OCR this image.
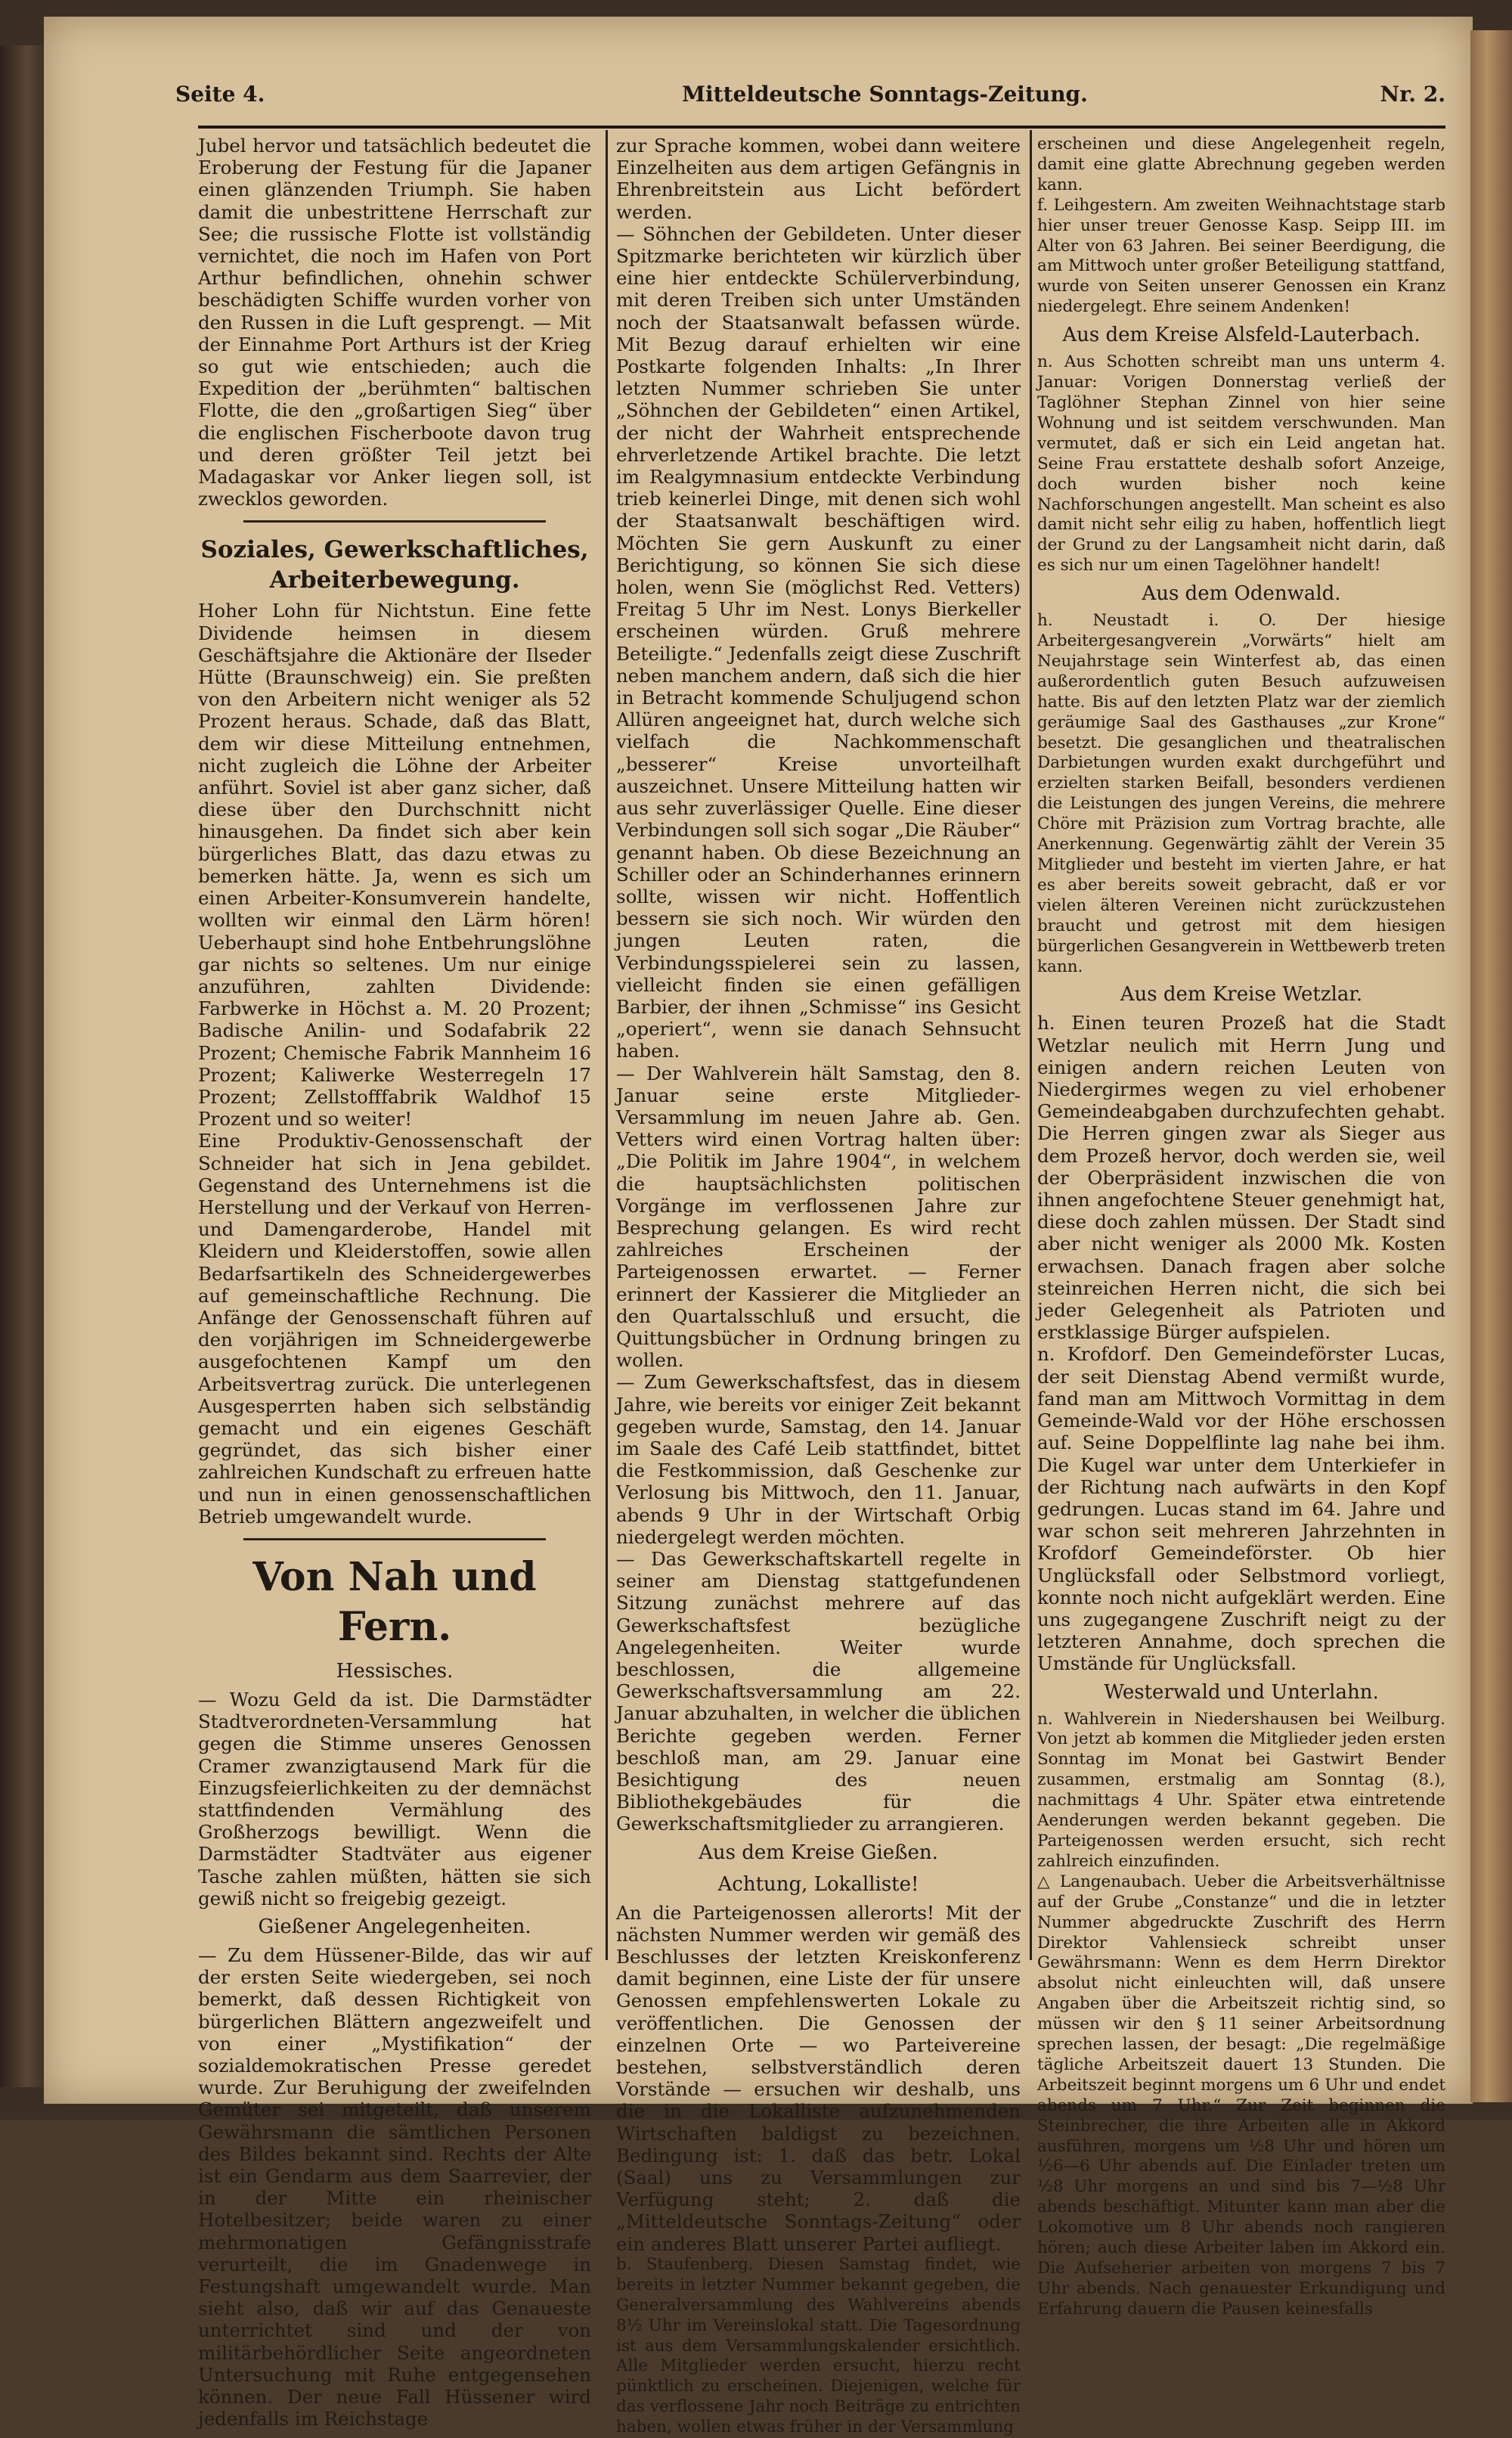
Seite 4.	Mitteldeutsche Sonntags-Zeitung.	Nr. 2.

Jubel hervor und tatsächlich bedeutet die Eroberung der Festung für die Japaner einen glänzenden Triumph. Sie haben damit die unbestrittene Herrschaft zur See; die russische Flotte ist vollständig vernichtet, die noch im Hafen von Port Arthur befindlichen, ohnehin schwer beschädigten Schiffe wurden vorher von den Russen in die Luft gesprengt. — Mit der Einnahme Port Arthurs ist der Krieg so gut wie entschieden; auch die Expedition der „berühmten“ baltischen Flotte, die den „großartigen Sieg“ über die englischen Fischerboote davon trug und deren größter Teil jetzt bei Madagaskar vor Anker liegen soll, ist zwecklos geworden.

Soziales, Gewerkschaftliches, Arbeiterbewegung.

Hoher Lohn für Nichtstun. Eine fette Dividende heimsen in diesem Geschäftsjahre die Aktionäre der Ilseder Hütte (Braunschweig) ein. Sie preßten von den Arbeitern nicht weniger als 52 Prozent heraus. Schade, daß das Blatt, dem wir diese Mitteilung entnehmen, nicht zugleich die Löhne der Arbeiter anführt. Soviel ist aber ganz sicher, daß diese über den Durchschnitt nicht hinausgehen. Da findet sich aber kein bürgerliches Blatt, das dazu etwas zu bemerken hätte. Ja, wenn es sich um einen Arbeiter-Konsumverein handelte, wollten wir einmal den Lärm hören! Ueberhaupt sind hohe Entbehrungslöhne gar nichts so seltenes. Um nur einige anzuführen, zahlten Dividende: Farbwerke in Höchst a. M. 20 Prozent; Badische Anilin- und Sodafabrik 22 Prozent; Chemische Fabrik Mannheim 16 Prozent; Kaliwerke Westerregeln 17 Prozent; Zellstofffabrik Waldhof 15 Prozent und so weiter!

Eine Produktiv-Genossenschaft der Schneider hat sich in Jena gebildet. Gegenstand des Unternehmens ist die Herstellung und der Verkauf von Herren- und Damengarderobe, Handel mit Kleidern und Kleiderstoffen, sowie allen Bedarfsartikeln des Schneidergewerbes auf gemeinschaftliche Rechnung. Die Anfänge der Genossenschaft führen auf den vorjährigen im Schneidergewerbe ausgefochtenen Kampf um den Arbeitsvertrag zurück. Die unterlegenen Ausgesperrten haben sich selbständig gemacht und ein eigenes Geschäft gegründet, das sich bisher einer zahlreichen Kundschaft zu erfreuen hatte und nun in einen genossenschaftlichen Betrieb umgewandelt wurde.

Von Nah und Fern.

Hessisches.

— Wozu Geld da ist. Die Darmstädter Stadtverordneten-Versammlung hat gegen die Stimme unseres Genossen Cramer zwanzigtausend Mark für die Einzugsfeierlichkeiten zu der demnächst stattfindenden Vermählung des Großherzogs bewilligt. Wenn die Darmstädter Stadtväter aus eigener Tasche zahlen müßten, hätten sie sich gewiß nicht so freigebig gezeigt.

Gießener Angelegenheiten.

— Zu dem Hüssener-Bilde, das wir auf der ersten Seite wiedergeben, sei noch bemerkt, daß dessen Richtigkeit von bürgerlichen Blättern angezweifelt und von einer „Mystifikation“ der sozialdemokratischen Presse geredet wurde. Zur Beruhigung der zweifelnden Gemüter sei mitgeteilt, daß unserem Gewährsmann die sämtlichen Personen des Bildes bekannt sind. Rechts der Alte ist ein Gendarm aus dem Saarrevier, der in der Mitte ein rheinischer Hotelbesitzer; beide waren zu einer mehrmonatigen Gefängnisstrafe verurteilt, die im Gnadenwege in Festungshaft umgewandelt wurde. Man sieht also, daß wir auf das Genaueste unterrichtet sind und der von militärbehördlicher Seite angeordneten Untersuchung mit Ruhe entgegensehen können. Der neue Fall Hüssener wird jedenfalls im Reichstage

zur Sprache kommen, wobei dann weitere Einzelheiten aus dem artigen Gefängnis in Ehrenbreitstein aus Licht befördert werden.

— Söhnchen der Gebildeten. Unter dieser Spitzmarke berichteten wir kürzlich über eine hier entdeckte Schülerverbindung, mit deren Treiben sich unter Umständen noch der Staatsanwalt befassen würde. Mit Bezug darauf erhielten wir eine Postkarte folgenden Inhalts: „In Ihrer letzten Nummer schrieben Sie unter „Söhnchen der Gebildeten“ einen Artikel, der nicht der Wahrheit entsprechende ehrverletzende Artikel brachte. Die letzt im Realgymnasium entdeckte Verbindung trieb keinerlei Dinge, mit denen sich wohl der Staatsanwalt beschäftigen wird. Möchten Sie gern Auskunft zu einer Berichtigung, so können Sie sich diese holen, wenn Sie (möglichst Red. Vetters) Freitag 5 Uhr im Nest. Lonys Bierkeller erscheinen würden. Gruß mehrere Beteiligte.“ Jedenfalls zeigt diese Zuschrift neben manchem andern, daß sich die hier in Betracht kommende Schuljugend schon Allüren angeeignet hat, durch welche sich vielfach die Nachkommenschaft „besserer“ Kreise unvorteilhaft auszeichnet. Unsere Mitteilung hatten wir aus sehr zuverlässiger Quelle. Eine dieser Verbindungen soll sich sogar „Die Räuber“ genannt haben. Ob diese Bezeichnung an Schiller oder an Schinderhannes erinnern sollte, wissen wir nicht. Hoffentlich bessern sie sich noch. Wir würden den jungen Leuten raten, die Verbindungsspielerei sein zu lassen, vielleicht finden sie einen gefälligen Barbier, der ihnen „Schmisse“ ins Gesicht „operiert“, wenn sie danach Sehnsucht haben.

— Der Wahlverein hält Samstag, den 8. Januar seine erste Mitglieder-Versammlung im neuen Jahre ab. Gen. Vetters wird einen Vortrag halten über: „Die Politik im Jahre 1904“, in welchem die hauptsächlichsten politischen Vorgänge im verflossenen Jahre zur Besprechung gelangen. Es wird recht zahlreiches Erscheinen der Parteigenossen erwartet. — Ferner erinnert der Kassierer die Mitglieder an den Quartalsschluß und ersucht, die Quittungsbücher in Ordnung bringen zu wollen.

— Zum Gewerkschaftsfest, das in diesem Jahre, wie bereits vor einiger Zeit bekannt gegeben wurde, Samstag, den 14. Januar im Saale des Café Leib stattfindet, bittet die Festkommission, daß Geschenke zur Verlosung bis Mittwoch, den 11. Januar, abends 9 Uhr in der Wirtschaft Orbig niedergelegt werden möchten.

— Das Gewerkschaftskartell regelte in seiner am Dienstag stattgefundenen Sitzung zunächst mehrere auf das Gewerkschaftsfest bezügliche Angelegenheiten. Weiter wurde beschlossen, die allgemeine Gewerkschaftsversammlung am 22. Januar abzuhalten, in welcher die üblichen Berichte gegeben werden. Ferner beschloß man, am 29. Januar eine Besichtigung des neuen Bibliothekgebäudes für die Gewerkschaftsmitglieder zu arrangieren.

Aus dem Kreise Gießen.

Achtung, Lokalliste!

An die Parteigenossen allerorts! Mit der nächsten Nummer werden wir gemäß des Beschlusses der letzten Kreiskonferenz damit beginnen, eine Liste der für unsere Genossen empfehlenswerten Lokale zu veröffentlichen. Die Genossen der einzelnen Orte — wo Parteivereine bestehen, selbstverständlich deren Vorstände — ersuchen wir deshalb, uns die in die Lokalliste aufzunehmenden Wirtschaften baldigst zu bezeichnen. Bedingung ist: 1. daß das betr. Lokal (Saal) uns zu Versammlungen zur Verfügung steht; 2. daß die „Mitteldeutsche Sonntags-Zeitung“ oder ein anderes Blatt unserer Partei aufliegt.

b. Staufenberg. Diesen Samstag findet, wie bereits in letzter Nummer bekannt gegeben, die Generalversammlung des Wahlvereins abends 8½ Uhr im Vereinslokal statt. Die Tagesordnung ist aus dem Versammlungskalender ersichtlich. Alle Mitglieder werden ersucht, hierzu recht pünktlich zu erscheinen. Diejenigen, welche für das verflossene Jahr noch Beiträge zu entrichten haben, wollen etwas früher in der Versammlung

erscheinen und diese Angelegenheit regeln, damit eine glatte Abrechnung gegeben werden kann.

f. Leihgestern. Am zweiten Weihnachtstage starb hier unser treuer Genosse Kasp. Seipp III. im Alter von 63 Jahren. Bei seiner Beerdigung, die am Mittwoch unter großer Beteiligung stattfand, wurde von Seiten unserer Genossen ein Kranz niedergelegt. Ehre seinem Andenken!

Aus dem Kreise Alsfeld-Lauterbach.

n. Aus Schotten schreibt man uns unterm 4. Januar: Vorigen Donnerstag verließ der Taglöhner Stephan Zinnel von hier seine Wohnung und ist seitdem verschwunden. Man vermutet, daß er sich ein Leid angetan hat. Seine Frau erstattete deshalb sofort Anzeige, doch wurden bisher noch keine Nachforschungen angestellt. Man scheint es also damit nicht sehr eilig zu haben, hoffentlich liegt der Grund zu der Langsamheit nicht darin, daß es sich nur um einen Tagelöhner handelt!

Aus dem Odenwald.

h. Neustadt i. O. Der hiesige Arbeitergesangverein „Vorwärts“ hielt am Neujahrstage sein Winterfest ab, das einen außerordentlich guten Besuch aufzuweisen hatte. Bis auf den letzten Platz war der ziemlich geräumige Saal des Gasthauses „zur Krone“ besetzt. Die gesanglichen und theatralischen Darbietungen wurden exakt durchgeführt und erzielten starken Beifall, besonders verdienen die Leistungen des jungen Vereins, die mehrere Chöre mit Präzision zum Vortrag brachte, alle Anerkennung. Gegenwärtig zählt der Verein 35 Mitglieder und besteht im vierten Jahre, er hat es aber bereits soweit gebracht, daß er vor vielen älteren Vereinen nicht zurückzustehen braucht und getrost mit dem hiesigen bürgerlichen Gesangverein in Wettbewerb treten kann.

Aus dem Kreise Wetzlar.

h. Einen teuren Prozeß hat die Stadt Wetzlar neulich mit Herrn Jung und einigen andern reichen Leuten von Niedergirmes wegen zu viel erhobener Gemeindeabgaben durchzufechten gehabt. Die Herren gingen zwar als Sieger aus dem Prozeß hervor, doch werden sie, weil der Oberpräsident inzwischen die von ihnen angefochtene Steuer genehmigt hat, diese doch zahlen müssen. Der Stadt sind aber nicht weniger als 2000 Mk. Kosten erwachsen. Danach fragen aber solche steinreichen Herren nicht, die sich bei jeder Gelegenheit als Patrioten und erstklassige Bürger aufspielen.

n. Krofdorf. Den Gemeindeförster Lucas, der seit Dienstag Abend vermißt wurde, fand man am Mittwoch Vormittag in dem Gemeinde-Wald vor der Höhe erschossen auf. Seine Doppelflinte lag nahe bei ihm. Die Kugel war unter dem Unterkiefer in der Richtung nach aufwärts in den Kopf gedrungen. Lucas stand im 64. Jahre und war schon seit mehreren Jahrzehnten in Krofdorf Gemeindeförster. Ob hier Unglücksfall oder Selbstmord vorliegt, konnte noch nicht aufgeklärt werden. Eine uns zugegangene Zuschrift neigt zu der letzteren Annahme, doch sprechen die Umstände für Unglücksfall.

Westerwald und Unterlahn.

n. Wahlverein in Niedershausen bei Weilburg. Von jetzt ab kommen die Mitglieder jeden ersten Sonntag im Monat bei Gastwirt Bender zusammen, erstmalig am Sonntag (8.), nachmittags 4 Uhr. Später etwa eintretende Aenderungen werden bekannt gegeben. Die Parteigenossen werden ersucht, sich recht zahlreich einzufinden.

△ Langenaubach. Ueber die Arbeitsverhältnisse auf der Grube „Constanze“ und die in letzter Nummer abgedruckte Zuschrift des Herrn Direktor Vahlensieck schreibt unser Gewährsmann: Wenn es dem Herrn Direktor absolut nicht einleuchten will, daß unsere Angaben über die Arbeitszeit richtig sind, so müssen wir den § 11 seiner Arbeitsordnung sprechen lassen, der besagt: „Die regelmäßige tägliche Arbeitszeit dauert 13 Stunden. Die Arbeitszeit beginnt morgens um 6 Uhr und endet abends um 7 Uhr.“ Zur Zeit beginnen die Steinbrecher, die ihre Arbeiten alle in Akkord ausführen, morgens um ½8 Uhr und hören um ½6—6 Uhr abends auf. Die Einlader treten um ½8 Uhr morgens an und sind bis 7—½8 Uhr abends beschäftigt. Mitunter kann man aber die Lokomotive um 8 Uhr abends noch rangieren hören; auch diese Arbeiter laben im Akkord ein. Die Aufseherier arbeiten von morgens 7 bis 7 Uhr abends. Nach genauester Erkundigung und Erfahrung dauern die Pausen keinesfalls
